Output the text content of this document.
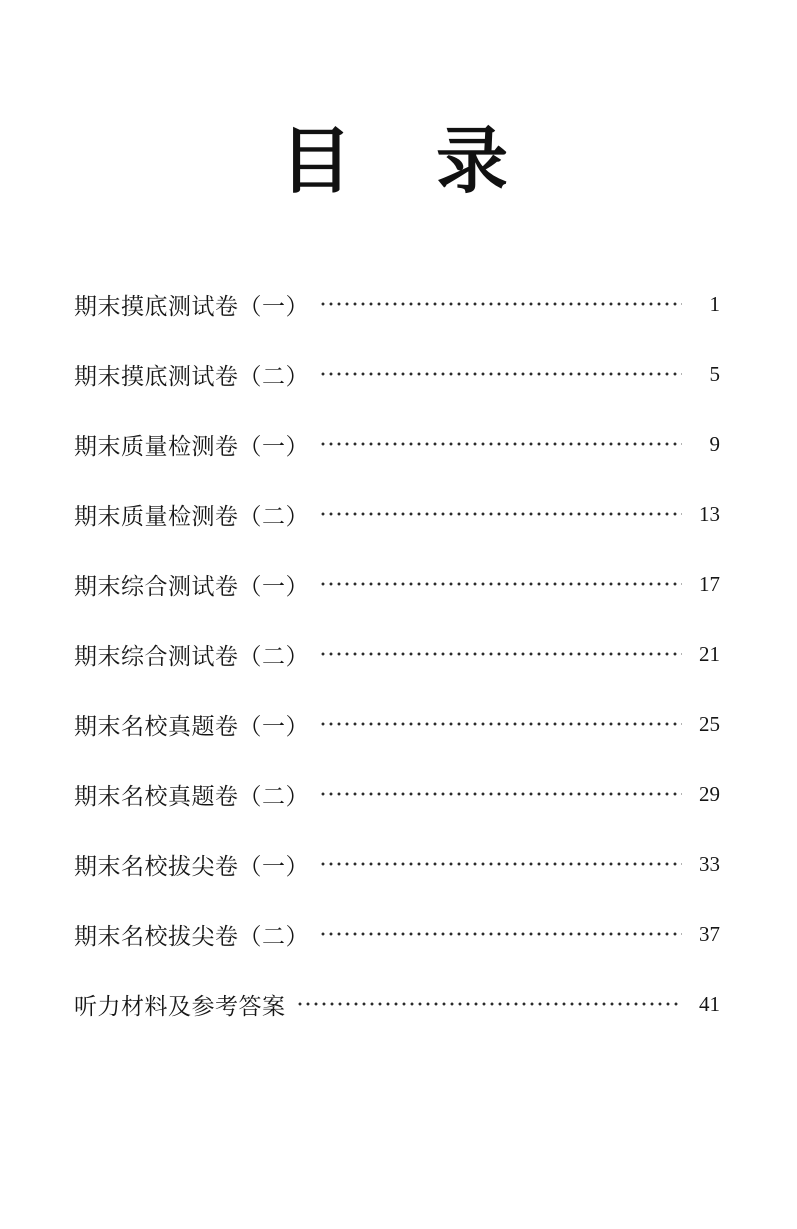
目　录
期末摸底测试卷（一）	1
期末摸底测试卷（二）	5
期末质量检测卷（一）	9
期末质量检测卷（二）	13
期末综合测试卷（一）	17
期末综合测试卷（二）	21
期末名校真题卷（一）	25
期末名校真题卷（二）	29
期末名校拔尖卷（一）	33
期末名校拔尖卷（二）	37
听力材料及参考答案	41
